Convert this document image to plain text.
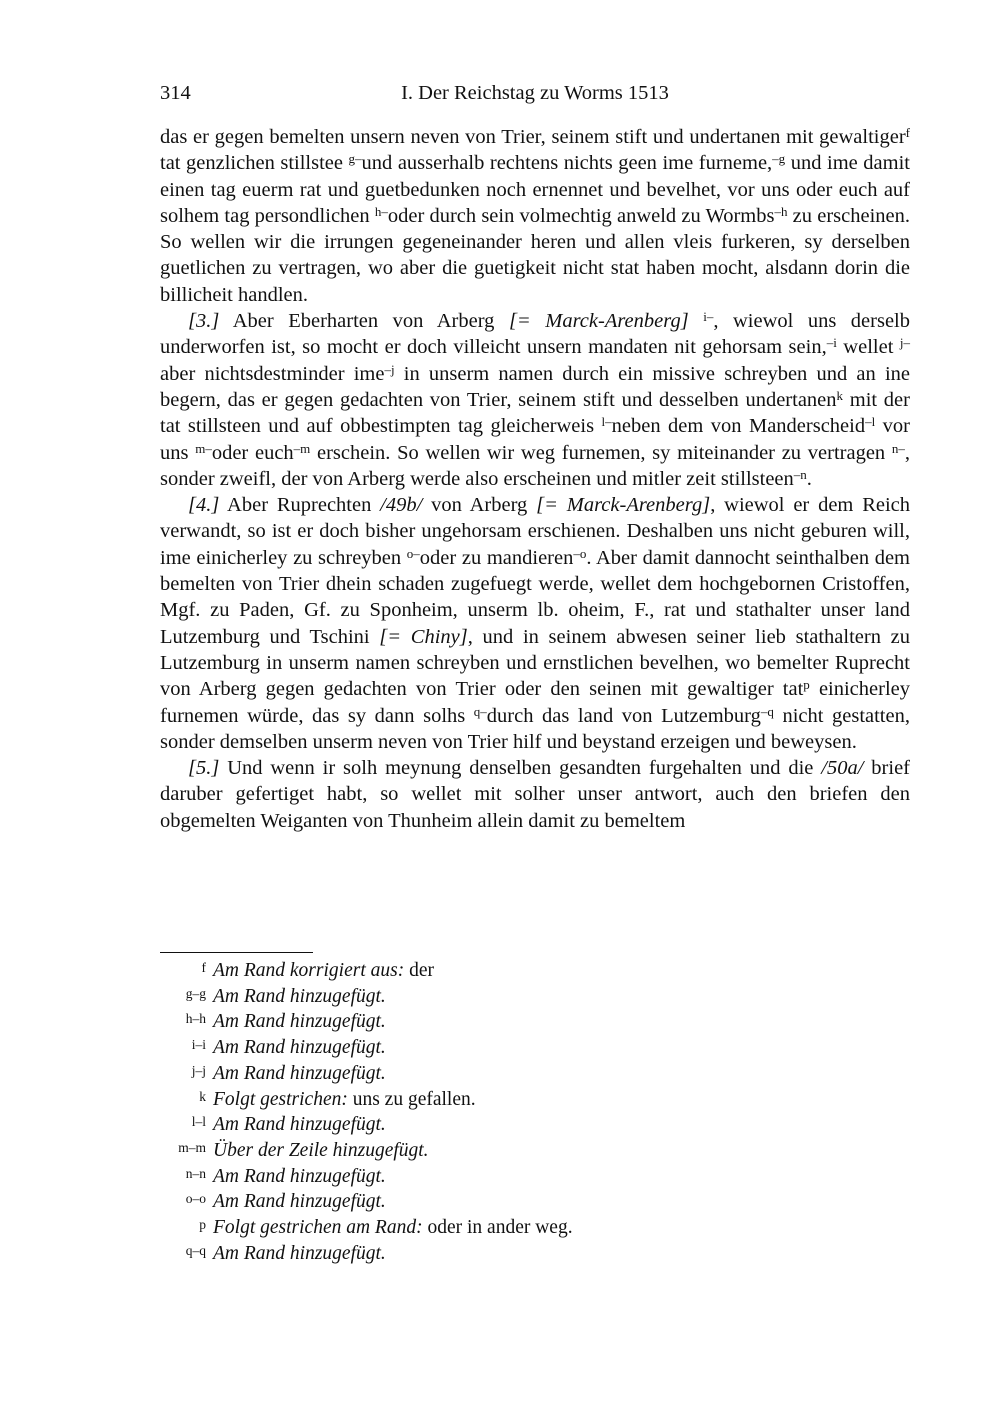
314	I. Der Reichstag zu Worms 1513

das er gegen bemelten unsern neven von Trier, seinem stift und undertanen mit gewaltiger$^f$ tat genzlichen stillstee $^{g-}$und ausserhalb rechtens nichts geen ime furneme,$^{-g}$ und ime damit einen tag euerm rat und guetbedunken noch ernennet und bevelhet, vor uns oder euch auf solhem tag persondlichen $^{h-}$oder durch sein volmechtig anweld zu Wormbs$^{-h}$ zu erscheinen. So wellen wir die irrungen gegeneinander heren und allen vleis furkeren, sy derselben guetlichen zu vertragen, wo aber die guetigkeit nicht stat haben mocht, alsdann dorin die billicheit handlen.

[3.] Aber Eberharten von Arberg [= Marck-Arenberg] $^{i-}$, wiewol uns derselb underworfen ist, so mocht er doch villeicht unsern mandaten nit gehorsam sein,$^{-i}$ wellet $^{j-}$aber nichtsdestminder ime$^{-j}$ in unserm namen durch ein missive schreyben und an ine begern, das er gegen gedachten von Trier, seinem stift und desselben undertanen$^k$ mit der tat stillsteen und auf obbestimpten tag gleicherweis $^{l-}$neben dem von Manderscheid$^{-l}$ vor uns $^{m-}$oder euch$^{-m}$ erschein. So wellen wir weg furnemen, sy miteinander zu vertragen $^{n-}$, sonder zweifl, der von Arberg werde also erscheinen und mitler zeit stillsteen$^{-n}$.

[4.] Aber Ruprechten /49b/ von Arberg [= Marck-Arenberg], wiewol er dem Reich verwandt, so ist er doch bisher ungehorsam erschienen. Deshalben uns nicht geburen will, ime einicherley zu schreyben $^{o-}$oder zu mandieren$^{-o}$. Aber damit dannocht seinthalben dem bemelten von Trier dhein schaden zugefuegt werde, wellet dem hochgebornen Cristoffen, Mgf. zu Paden, Gf. zu Sponheim, unserm lb. oheim, F., rat und stathalter unser land Lutzemburg und Tschini [= Chiny], und in seinem abwesen seiner lieb stathaltern zu Lutzemburg in unserm namen schreyben und ernstlichen bevelhen, wo bemelter Ruprecht von Arberg gegen gedachten von Trier oder den seinen mit gewaltiger tat$^p$ einicherley furnemen würde, das sy dann solhs $^{q-}$durch das land von Lutzemburg$^{-q}$ nicht gestatten, sonder demselben unserm neven von Trier hilf und beystand erzeigen und beweysen.

[5.] Und wenn ir solh meynung denselben gesandten furgehalten und die /50a/ brief daruber gefertiget habt, so wellet mit solher unser antwort, auch den briefen den obgemelten Weiganten von Thunheim allein damit zu bemeltem

f Am Rand korrigiert aus: der
g–g Am Rand hinzugefügt.
h–h Am Rand hinzugefügt.
i–i Am Rand hinzugefügt.
j–j Am Rand hinzugefügt.
k Folgt gestrichen: uns zu gefallen.
l–l Am Rand hinzugefügt.
m–m Über der Zeile hinzugefügt.
n–n Am Rand hinzugefügt.
o–o Am Rand hinzugefügt.
p Folgt gestrichen am Rand: oder in ander weg.
q–q Am Rand hinzugefügt.
